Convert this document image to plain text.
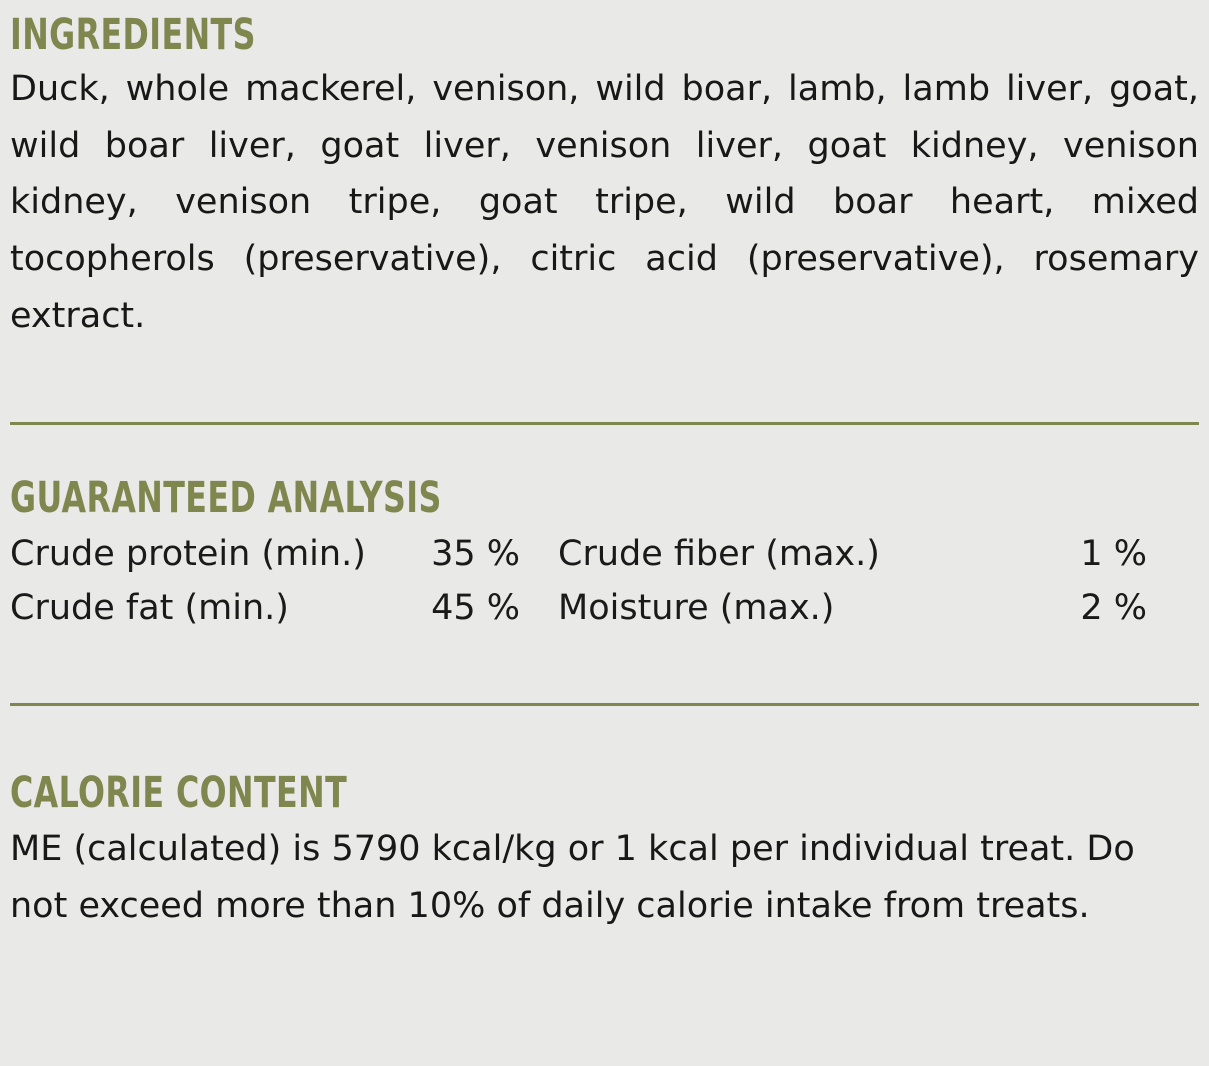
INGREDIENTS

Duck, whole mackerel, venison, wild boar, lamb, lamb liver, goat, wild boar liver, goat liver, venison liver, goat kidney, venison kidney, venison tripe, goat tripe, wild boar heart, mixed tocopherols (preservative), citric acid (preservative), rosemary extract.

GUARANTEED ANALYSIS
Crude protein (min.)	35 %	Crude fiber (max.)	1 %
Crude fat (min.)	45 %	Moisture (max.)	2 %
CALORIE CONTENT

ME (calculated) is 5790 kcal/kg or 1 kcal per individual treat. Do not exceed more than 10% of daily calorie intake from treats.
